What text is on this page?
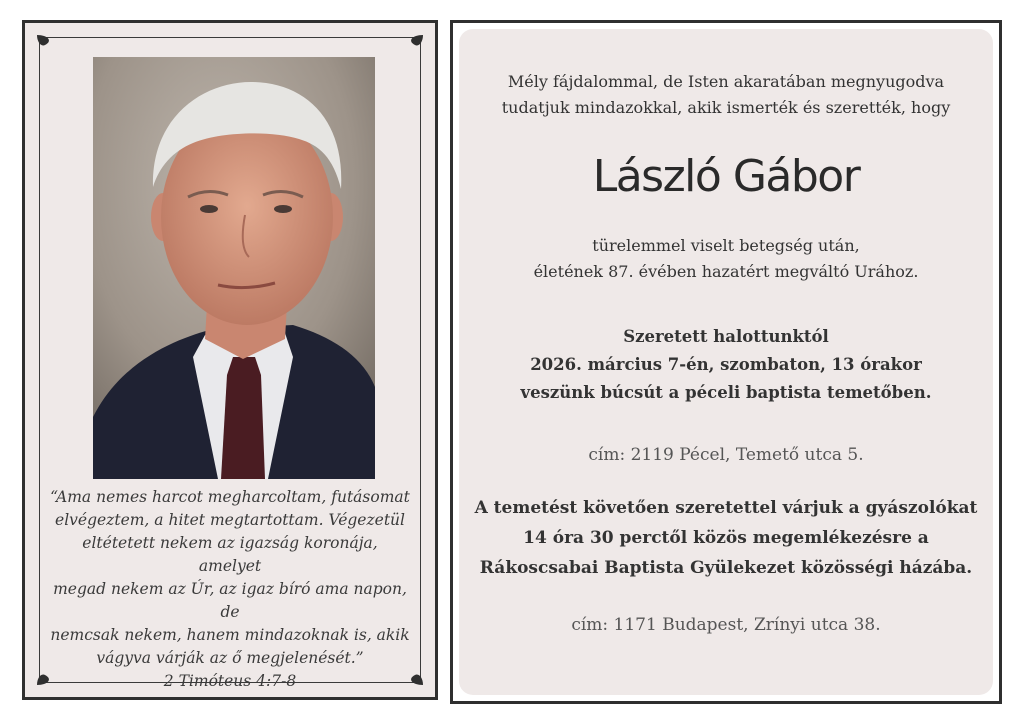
“Ama nemes harcot megharcoltam, futásomat
elvégeztem, a hitet megtartottam. Végezetül
eltétetett nekem az igazság koronája, amelyet
megad nekem az Úr, az igaz bíró ama napon, de
nemcsak nekem, hanem mindazoknak is, akik
vágyva várják az ő megjelenését.”
2 Timóteus 4:7-8
Mély fájdalommal, de Isten akaratában megnyugodva
tudatjuk mindazokkal, akik ismerték és szerették, hogy
László Gábor
türelemmel viselt betegség után,
életének 87. évében hazatért megváltó Urához.
Szeretett halottunktól
2026. március 7-én, szombaton, 13 órakor
veszünk búcsút a péceli baptista temetőben.
cím: 2119 Pécel, Temető utca 5.
A temetést követően szeretettel várjuk a gyászolókat
14 óra 30 perctől közös megemlékezésre a
Rákoscsabai Baptista Gyülekezet közösségi házába.
cím: 1171 Budapest, Zrínyi utca 38.
